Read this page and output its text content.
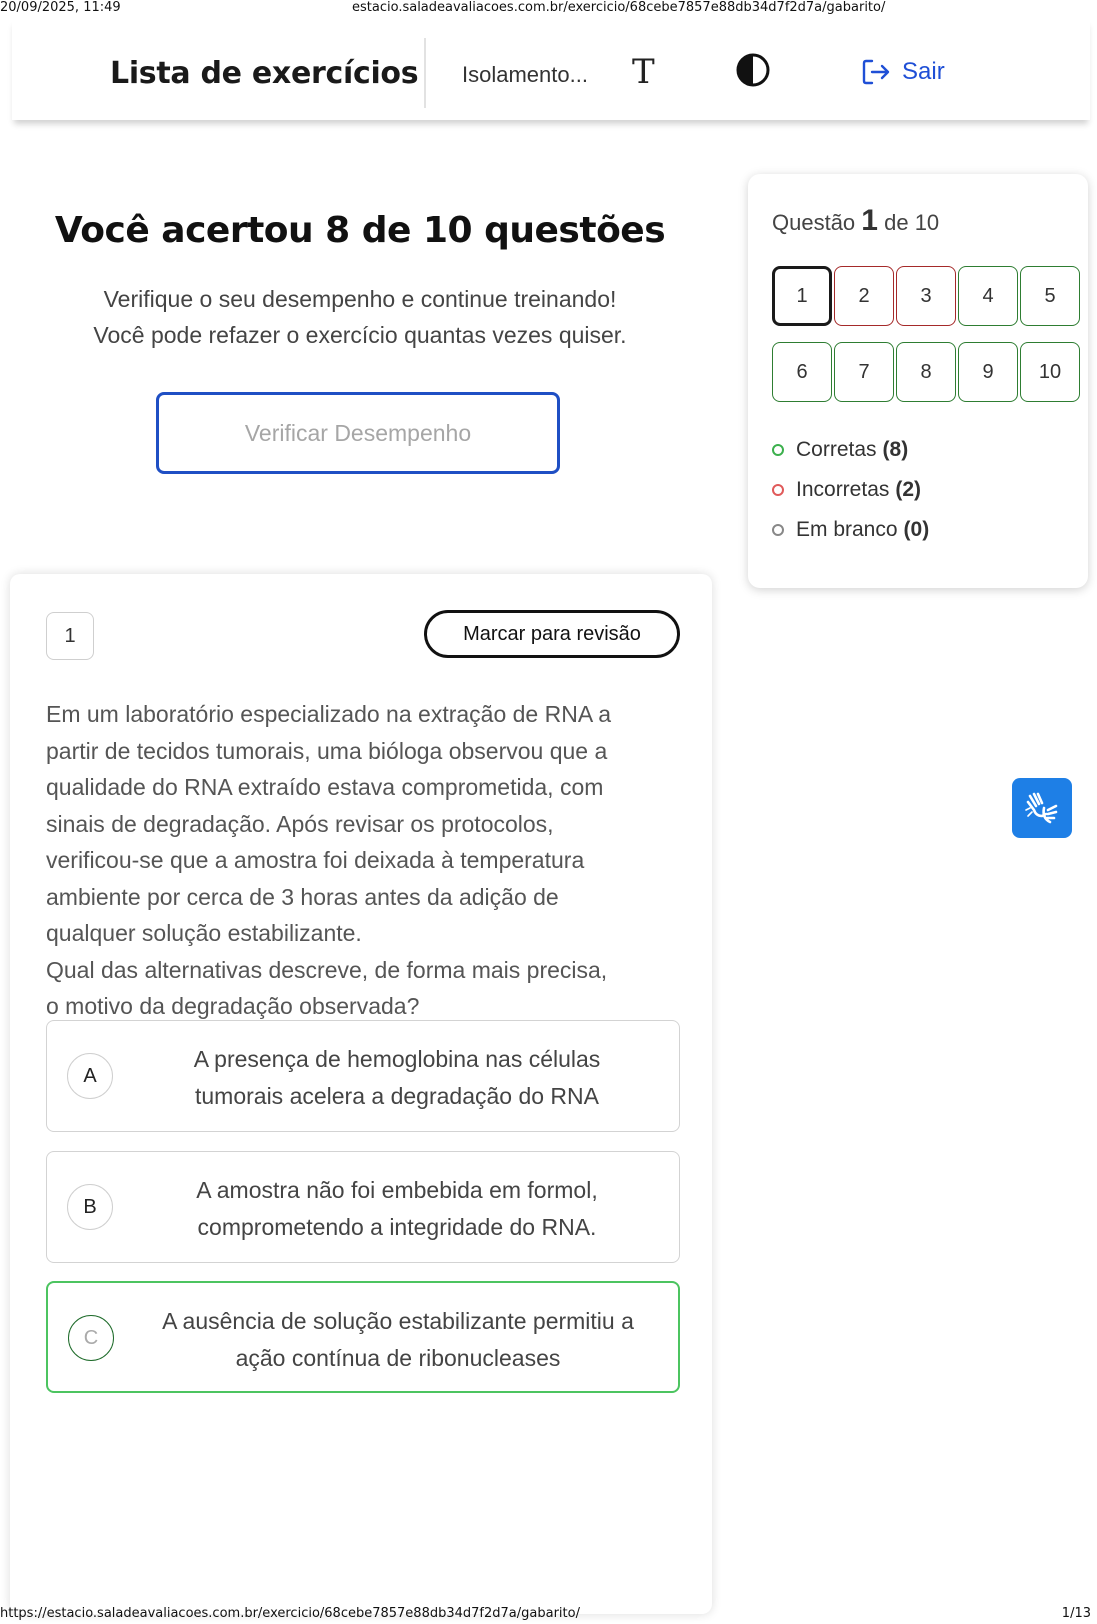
20/09/2025, 11:49	estacio.saladeavaliacoes.com.br/exercicio/68cebe7857e88db34d7f2d7a/gabarito/
Lista de exercícios Isolamento... T	Sair
Você acertou 8 de 10 questões
Verifique o seu desempenho e continue treinando!
Você pode refazer o exercício quantas vezes quiser.
Verificar Desempenho
Questão 1 de 10
1	2	3	4	5
6	7	8	9	10
Corretas (8)
Incorretas (2)
Em branco (0)
1	Marcar para revisão
Em um laboratório especializado na extração de RNA a
partir de tecidos tumorais, uma bióloga observou que a
qualidade do RNA extraído estava comprometida, com
sinais de degradação. Após revisar os protocolos,
verificou-se que a amostra foi deixada à temperatura
ambiente por cerca de 3 horas antes da adição de
qualquer solução estabilizante.
Qual das alternativas descreve, de forma mais precisa,
o motivo da degradação observada?
A
A presença de hemoglobina nas células
tumorais acelera a degradação do RNA
B
A amostra não foi embebida em formol,
comprometendo a integridade do RNA.
C
A ausência de solução estabilizante permitiu a
ação contínua de ribonucleases
https://estacio.saladeavaliacoes.com.br/exercicio/68cebe7857e88db34d7f2d7a/gabarito/	1/13
